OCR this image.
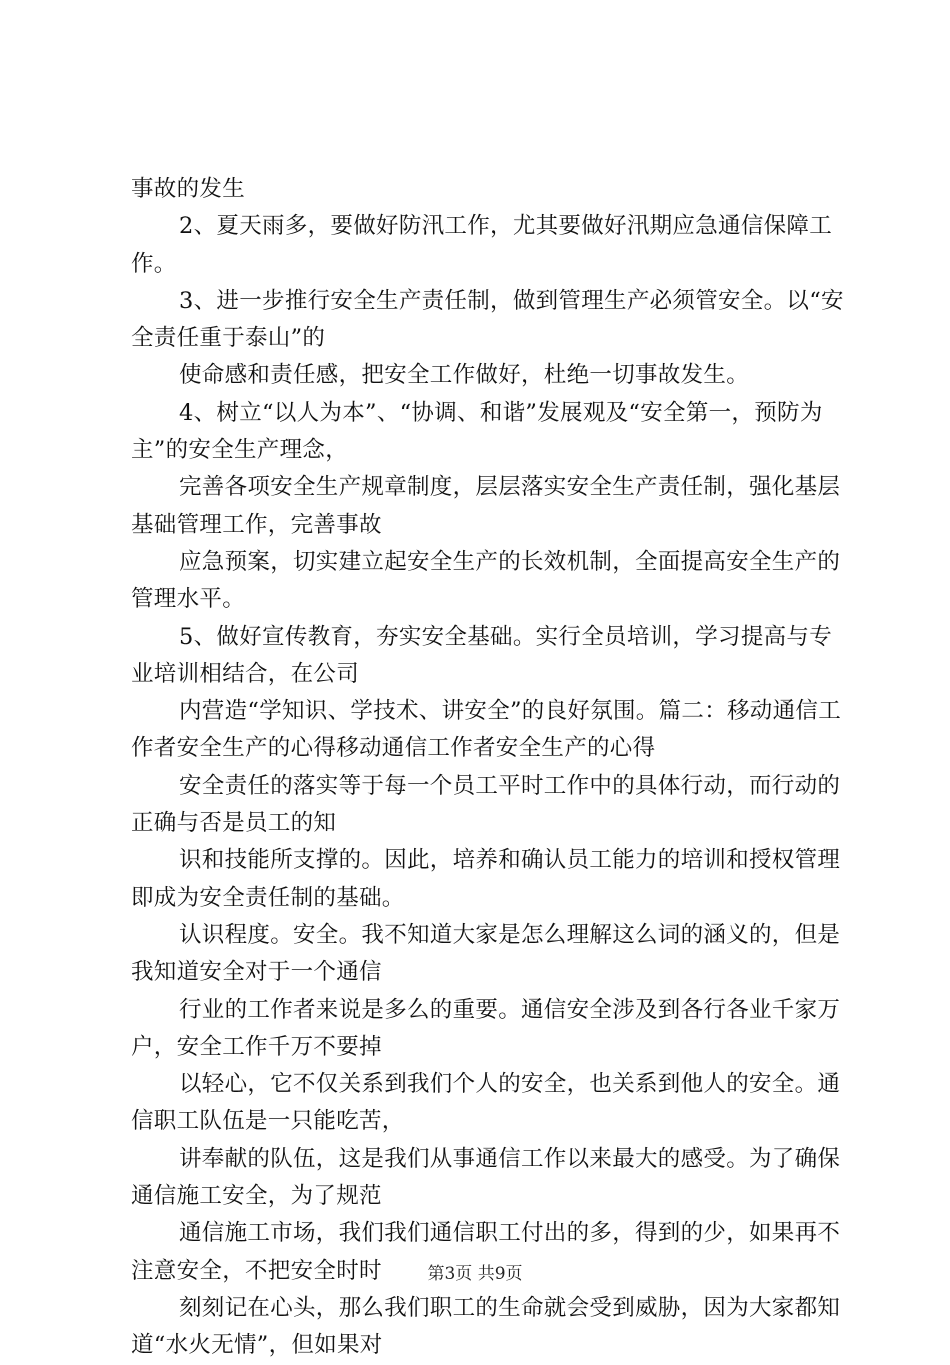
事故的发生

2、夏天雨多，要做好防汛工作，尤其要做好汛期应急通信保障工作。

3、进一步推行安全生产责任制，做到管理生产必须管安全。以“安全责任重于泰山”的

使命感和责任感，把安全工作做好，杜绝一切事故发生。

4、树立“以人为本”、“协调、和谐”发展观及“安全第一，预防为主”的安全生产理念，

完善各项安全生产规章制度，层层落实安全生产责任制，强化基层基础管理工作，完善事故

应急预案，切实建立起安全生产的长效机制，全面提高安全生产的管理水平。

5、做好宣传教育，夯实安全基础。实行全员培训，学习提高与专业培训相结合，在公司

内营造“学知识、学技术、讲安全”的良好氛围。篇二：移动通信工作者安全生产的心得移动通信工作者安全生产的心得

安全责任的落实等于每一个员工平时工作中的具体行动，而行动的正确与否是员工的知

识和技能所支撑的。因此，培养和确认员工能力的培训和授权管理即成为安全责任制的基础。

认识程度。安全。我不知道大家是怎么理解这么词的涵义的，但是我知道安全对于一个通信

行业的工作者来说是多么的重要。通信安全涉及到各行各业千家万户，安全工作千万不要掉

以轻心，它不仅关系到我们个人的安全，也关系到他人的安全。通信职工队伍是一只能吃苦，

讲奉献的队伍，这是我们从事通信工作以来最大的感受。为了确保通信施工安全，为了规范

通信施工市场，我们我们通信职工付出的多，得到的少，如果再不注意安全，不把安全时时

刻刻记在心头，那么我们职工的生命就会受到威胁，因为大家都知道“水火无情”，但如果对

第3页 共9页
